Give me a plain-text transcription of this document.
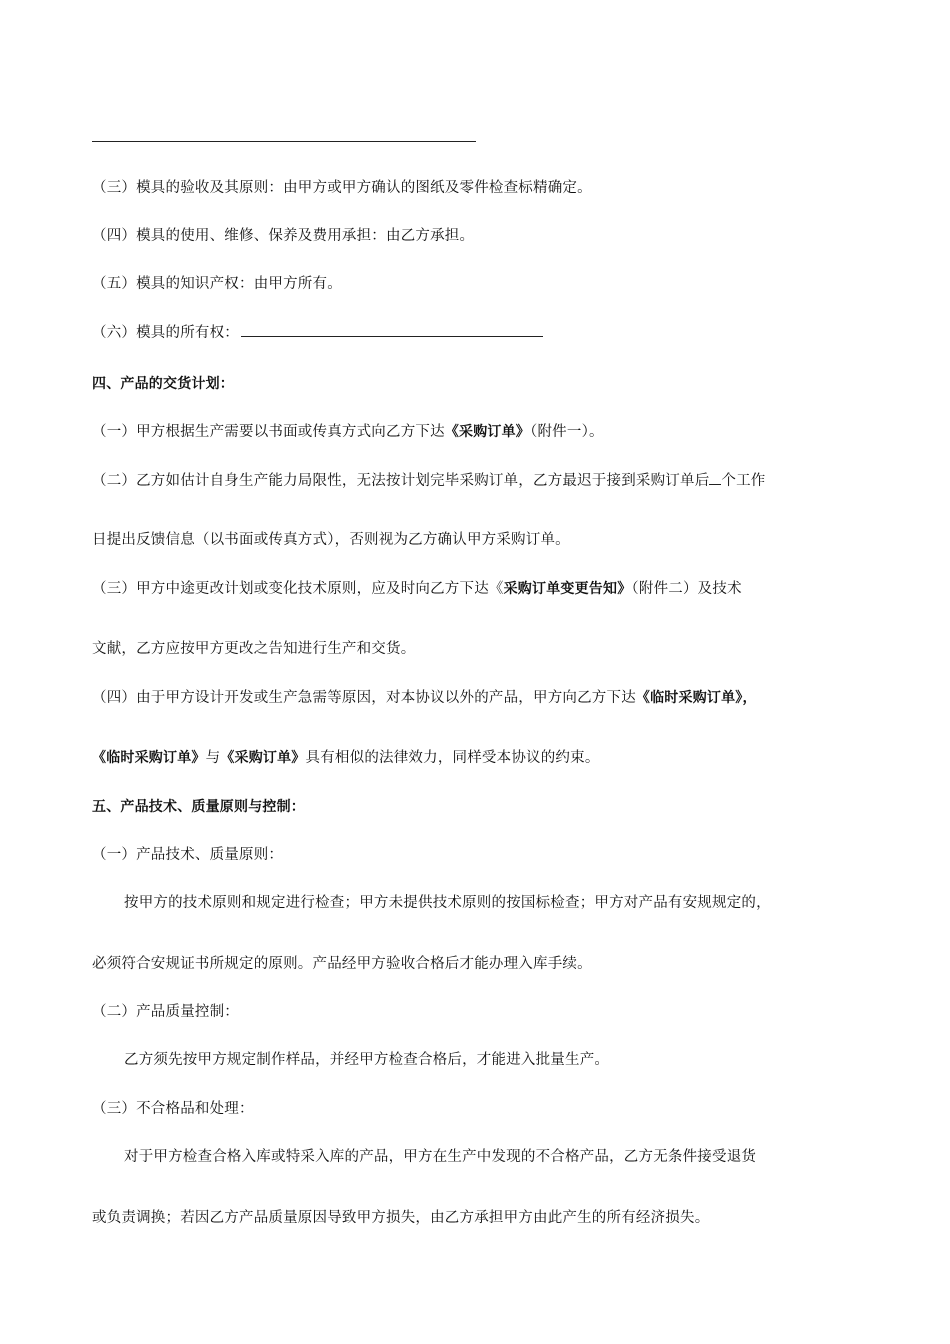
（三）模具的验收及其原则：由甲方或甲方确认的图纸及零件检查标精确定。
（四）模具的使用、维修、保养及费用承担：由乙方承担。
（五）模具的知识产权：由甲方所有。
（六）模具的所有权：
四、产品的交货计划：
（一）甲方根据生产需要以书面或传真方式向乙方下达《采购订单》（附件一）。
（二）乙方如估计自身生产能力局限性，无法按计划完毕采购订单，乙方最迟于接到采购订单后 个工作
日提出反馈信息（以书面或传真方式），否则视为乙方确认甲方采购订单。
（三）甲方中途更改计划或变化技术原则，应及时向乙方下达《采购订单变更告知》（附件二）及技术
文献，乙方应按甲方更改之告知进行生产和交货。
（四）由于甲方设计开发或生产急需等原因，对本协议以外的产品，甲方向乙方下达《临时采购订单》，
《临时采购订单》与《采购订单》具有相似的法律效力，同样受本协议的约束。
五、产品技术、质量原则与控制：
（一）产品技术、质量原则：
按甲方的技术原则和规定进行检查；甲方未提供技术原则的按国标检查；甲方对产品有安规规定的，
必须符合安规证书所规定的原则。产品经甲方验收合格后才能办理入库手续。
（二）产品质量控制：
乙方须先按甲方规定制作样品，并经甲方检查合格后，才能进入批量生产。
（三）不合格品和处理：
对于甲方检查合格入库或特采入库的产品，甲方在生产中发现的不合格产品，乙方无条件接受退货
或负责调换；若因乙方产品质量原因导致甲方损失，由乙方承担甲方由此产生的所有经济损失。
